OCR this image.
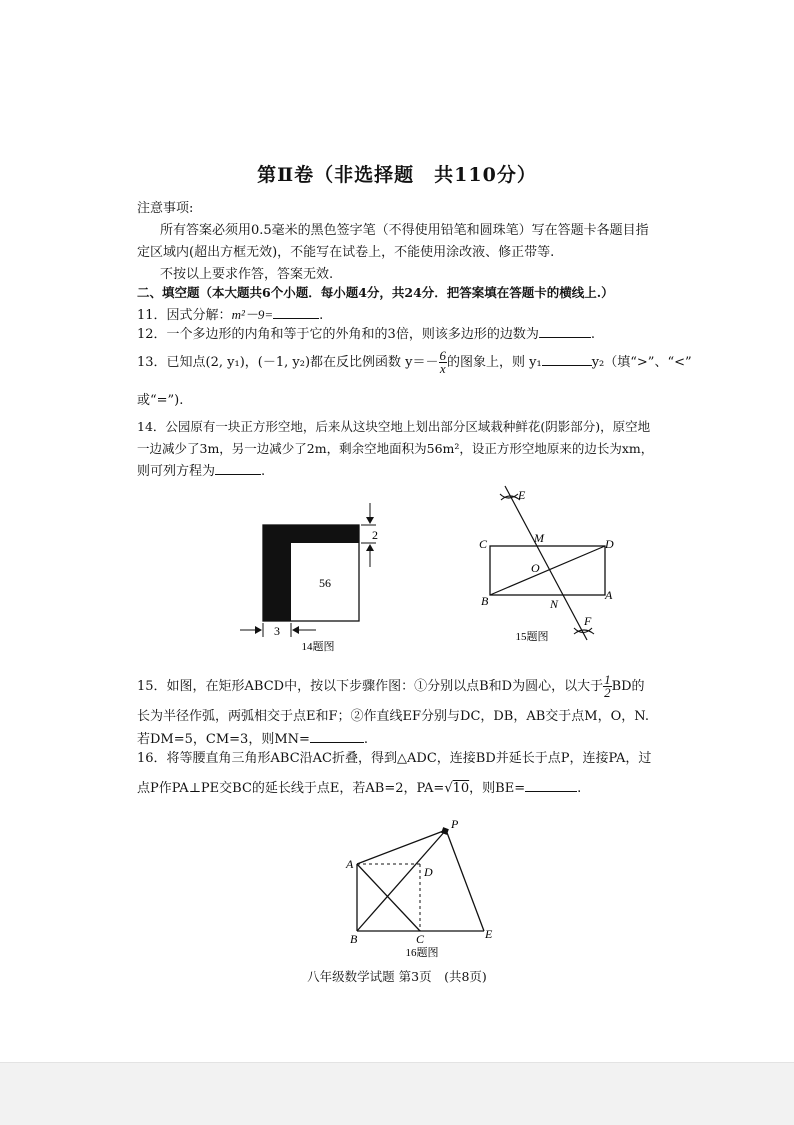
第Ⅱ卷（非选择题　共110分）
注意事项:
所有答案必须用0.5毫米的黑色签字笔（不得使用铅笔和圆珠笔）写在答题卡各题目指
定区域内(超出方框无效)，不能写在试卷上，不能使用涂改液、修正带等.
不按以上要求作答，答案无效.
二、填空题（本大题共6个小题．每小题4分，共24分．把答案填在答题卡的横线上.）
11．因式分解：m²－9=	.
12．一个多边形的内角和等于它的外角和的3倍，则该多边形的边数为	.
13．已知点(2, y₁)，(－1, y₂)都在反比例函数 $y=- \frac{6}{x}$ 的图象上，则 y₁	y₂（填“>”、“<”
或“=”).
14．公园原有一块正方形空地，后来从这块空地上划出部分区域栽种鲜花(阴影部分)，原空地
一边减少了3m，另一边减少了2m，剩余空地面积为56m²，设正方形空地原来的边长为xm，
则可列方程为	.
56
2
3
14题图
E
C	M	D
O
B	N
A
F
15题图
15．如图，在矩形ABCD中，按以下步骤作图：①分别以点B和D为圆心，以大于 $\frac{1}{2}$ BD的
长为半径作弧，两弧相交于点E和F；②作直线EF分别与DC，DB，AB交于点M，O，N.
若DM=5，CM=3，则MN=	.
16．将等腰直角三角形ABC沿AC折叠，得到△ADC，连接BD并延长于点P，连接PA，过
点P作PA⊥PE交BC的延长线于点E，若AB=2，PA=√10，则BE=	.
A
P
D
B	C	E
16题图
八年级数学试题 第3页　(共8页)
